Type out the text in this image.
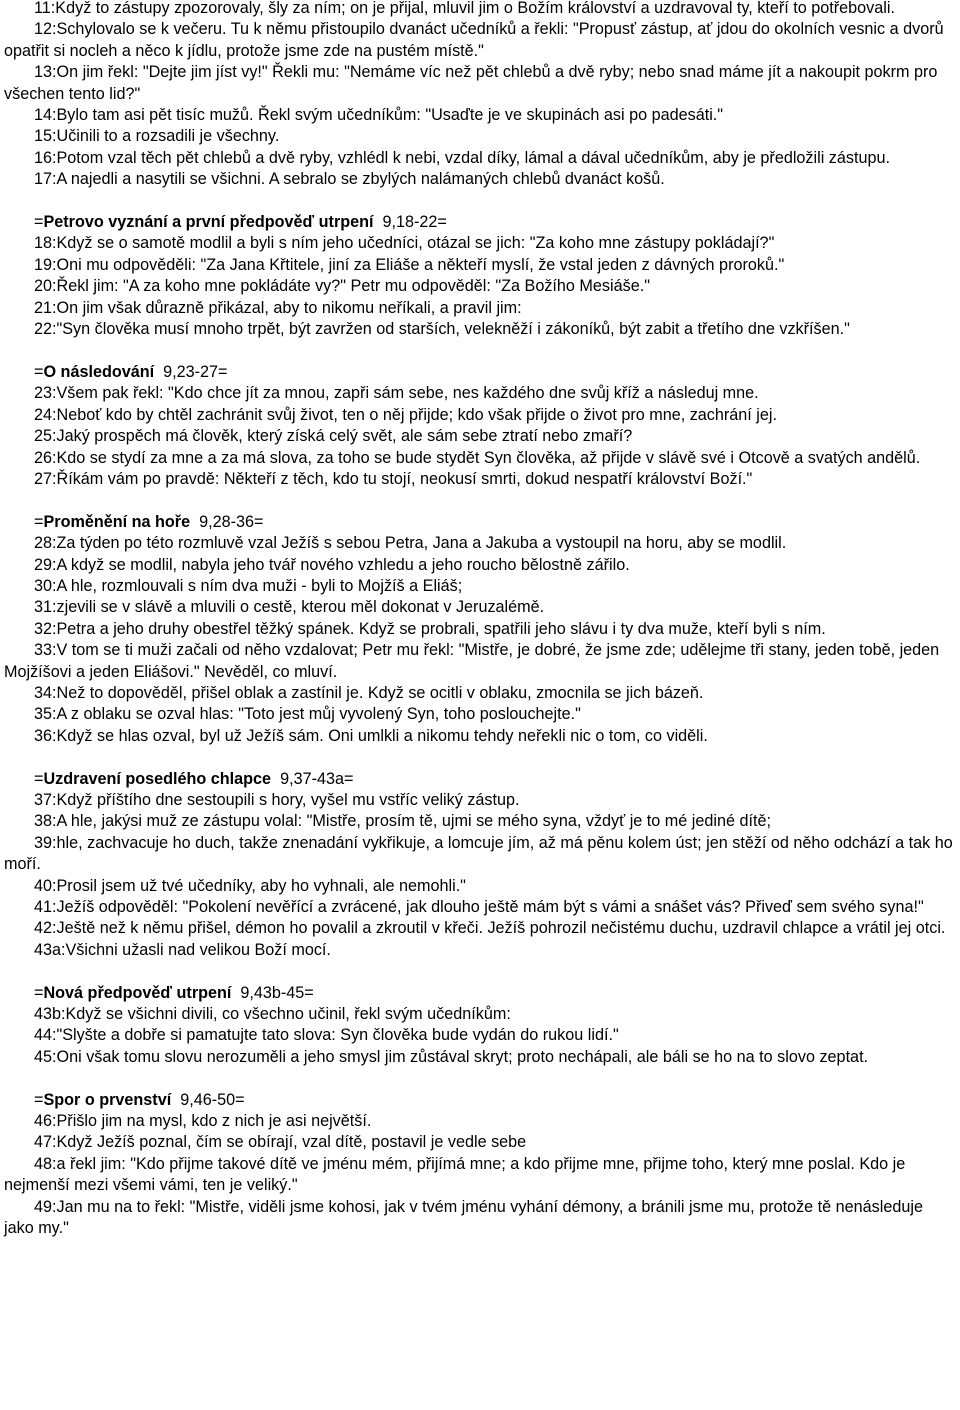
11:Když to zástupy zpozorovaly, šly za ním; on je přijal, mluvil jim o Božím království a uzdravoval ty, kteří to potřebovali.

12:Schylovalo se k večeru. Tu k němu přistoupilo dvanáct učedníků a řekli: "Propusť zástup, ať jdou do okolních vesnic a dvorů opatřit si nocleh a něco k jídlu, protože jsme zde na pustém místě."

13:On jim řekl: "Dejte jim jíst vy!" Řekli mu: "Nemáme víc než pět chlebů a dvě ryby; nebo snad máme jít a nakoupit pokrm pro všechen tento lid?"

14:Bylo tam asi pět tisíc mužů. Řekl svým učedníkům: "Usaďte je ve skupinách asi po padesáti."

15:Učinili to a rozsadili je všechny.

16:Potom vzal těch pět chlebů a dvě ryby, vzhlédl k nebi, vzdal díky, lámal a dával učedníkům, aby je předložili zástupu.

17:A najedli a nasytili se všichni. A sebralo se zbylých nalámaných chlebů dvanáct košů.

=Petrovo vyznání a první předpověď utrpení 9,18-22=

18:Když se o samotě modlil a byli s ním jeho učedníci, otázal se jich: "Za koho mne zástupy pokládají?"

19:Oni mu odpověděli: "Za Jana Křtitele, jiní za Eliáše a někteří myslí, že vstal jeden z dávných proroků."

20:Řekl jim: "A za koho mne pokládáte vy?" Petr mu odpověděl: "Za Božího Mesiáše."

21:On jim však důrazně přikázal, aby to nikomu neříkali, a pravil jim:

22:"Syn člověka musí mnoho trpět, být zavržen od starších, velekněží i zákoníků, být zabit a třetího dne vzkříšen."

=O následování 9,23-27=

23:Všem pak řekl: "Kdo chce jít za mnou, zapři sám sebe, nes každého dne svůj kříž a následuj mne.

24:Neboť kdo by chtěl zachránit svůj život, ten o něj přijde; kdo však přijde o život pro mne, zachrání jej.

25:Jaký prospěch má člověk, který získá celý svět, ale sám sebe ztratí nebo zmaří?

26:Kdo se stydí za mne a za má slova, za toho se bude stydět Syn člověka, až přijde v slávě své i Otcově a svatých andělů.

27:Říkám vám po pravdě: Někteří z těch, kdo tu stojí, neokusí smrti, dokud nespatří království Boží."

=Proměnění na hoře 9,28-36=

28:Za týden po této rozmluvě vzal Ježíš s sebou Petra, Jana a Jakuba a vystoupil na horu, aby se modlil.

29:A když se modlil, nabyla jeho tvář nového vzhledu a jeho roucho bělostně zářilo.

30:A hle, rozmlouvali s ním dva muži - byli to Mojžíš a Eliáš;

31:zjevili se v slávě a mluvili o cestě, kterou měl dokonat v Jeruzalémě.

32:Petra a jeho druhy obestřel těžký spánek. Když se probrali, spatřili jeho slávu i ty dva muže, kteří byli s ním.

33:V tom se ti muži začali od něho vzdalovat; Petr mu řekl: "Mistře, je dobré, že jsme zde; udělejme tři stany, jeden tobě, jeden Mojžíšovi a jeden Eliášovi." Nevěděl, co mluví.

34:Než to dopověděl, přišel oblak a zastínil je. Když se ocitli v oblaku, zmocnila se jich bázeň.

35:A z oblaku se ozval hlas: "Toto jest můj vyvolený Syn, toho poslouchejte."

36:Když se hlas ozval, byl už Ježíš sám. Oni umlkli a nikomu tehdy neřekli nic o tom, co viděli.

=Uzdravení posedlého chlapce 9,37-43a=

37:Když příštího dne sestoupili s hory, vyšel mu vstříc veliký zástup.

38:A hle, jakýsi muž ze zástupu volal: "Mistře, prosím tě, ujmi se mého syna, vždyť je to mé jediné dítě;

39:hle, zachvacuje ho duch, takže znenadání vykřikuje, a lomcuje jím, až má pěnu kolem úst; jen stěží od něho odchází a tak ho moří.

40:Prosil jsem už tvé učedníky, aby ho vyhnali, ale nemohli."

41:Ježíš odpověděl: "Pokolení nevěřící a zvrácené, jak dlouho ještě mám být s vámi a snášet vás? Přiveď sem svého syna!"

42:Ještě než k němu přišel, démon ho povalil a zkroutil v křeči. Ježíš pohrozil nečistému duchu, uzdravil chlapce a vrátil jej otci.

43a:Všichni užasli nad velikou Boží mocí.

=Nová předpověď utrpení 9,43b-45=

43b:Když se všichni divili, co všechno učinil, řekl svým učedníkům:

44:"Slyšte a dobře si pamatujte tato slova: Syn člověka bude vydán do rukou lidí."

45:Oni však tomu slovu nerozuměli a jeho smysl jim zůstával skryt; proto nechápali, ale báli se ho na to slovo zeptat.

=Spor o prvenství 9,46-50=

46:Přišlo jim na mysl, kdo z nich je asi největší.

47:Když Ježíš poznal, čím se obírají, vzal dítě, postavil je vedle sebe

48:a řekl jim: "Kdo přijme takové dítě ve jménu mém, přijímá mne; a kdo přijme mne, přijme toho, který mne poslal. Kdo je nejmenší mezi všemi vámi, ten je veliký."

49:Jan mu na to řekl: "Mistře, viděli jsme kohosi, jak v tvém jménu vyhání démony, a bránili jsme mu, protože tě nenásleduje jako my."
